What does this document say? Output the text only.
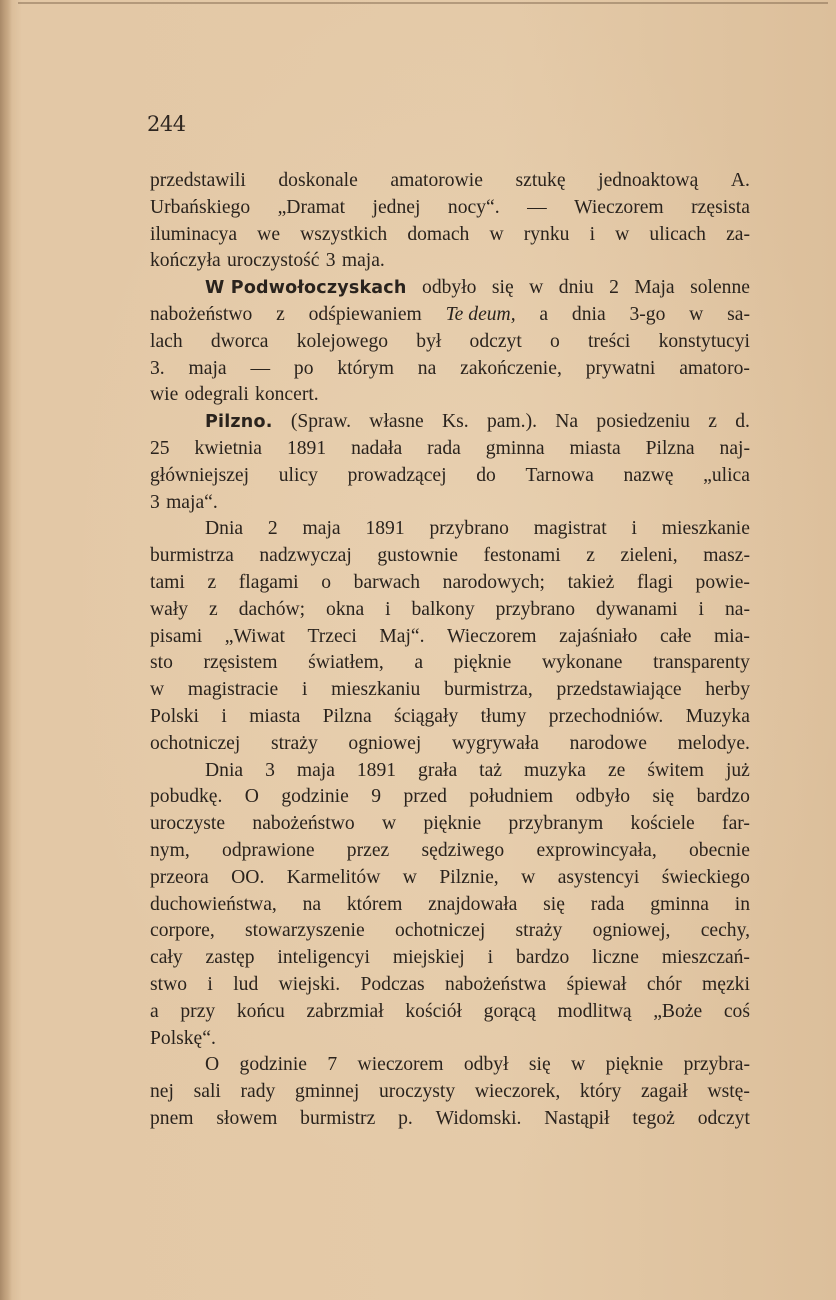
244
przedstawili doskonale amatorowie sztukę jednoaktową A.
Urbańskiego „Dramat jednej nocy“. — Wieczorem rzęsista
iluminacya we wszystkich domach w rynku i w ulicach za-
kończyła uroczystość 3 maja.
W Podwołoczyskach odbyło się w dniu 2 Maja solenne
nabożeństwo z odśpiewaniem Te deum, a dnia 3-go w sa-
lach dworca kolejowego był odczyt o treści konstytucyi
3. maja — po którym na zakończenie, prywatni amatoro-
wie odegrali koncert.
Pilzno. (Spraw. własne Ks. pam.). Na posiedzeniu z d.
25 kwietnia 1891 nadała rada gminna miasta Pilzna naj-
główniejszej ulicy prowadzącej do Tarnowa nazwę „ulica
3 maja“.
Dnia 2 maja 1891 przybrano magistrat i mieszkanie
burmistrza nadzwyczaj gustownie festonami z zieleni, masz-
tami z flagami o barwach narodowych; takież flagi powie-
wały z dachów; okna i balkony przybrano dywanami i na-
pisami „Wiwat Trzeci Maj“. Wieczorem zajaśniało całe mia-
sto rzęsistem światłem, a pięknie wykonane transparenty
w magistracie i mieszkaniu burmistrza, przedstawiające herby
Polski i miasta Pilzna ściągały tłumy przechodniów. Muzyka
ochotniczej straży ogniowej wygrywała narodowe melodye.
Dnia 3 maja 1891 grała taż muzyka ze świtem już
pobudkę. O godzinie 9 przed południem odbyło się bardzo
uroczyste nabożeństwo w pięknie przybranym kościele far-
nym, odprawione przez sędziwego exprowincyała, obecnie
przeora OO. Karmelitów w Pilznie, w asystencyi świeckiego
duchowieństwa, na którem znajdowała się rada gminna in
corpore, stowarzyszenie ochotniczej straży ogniowej, cechy,
cały zastęp inteligencyi miejskiej i bardzo liczne mieszczań-
stwo i lud wiejski. Podczas nabożeństwa śpiewał chór męzki
a przy końcu zabrzmiał kościół gorącą modlitwą „Boże coś
Polskę“.
O godzinie 7 wieczorem odbył się w pięknie przybra-
nej sali rady gminnej uroczysty wieczorek, który zagaił wstę-
pnem słowem burmistrz p. Widomski. Nastąpił tegoż odczyt
